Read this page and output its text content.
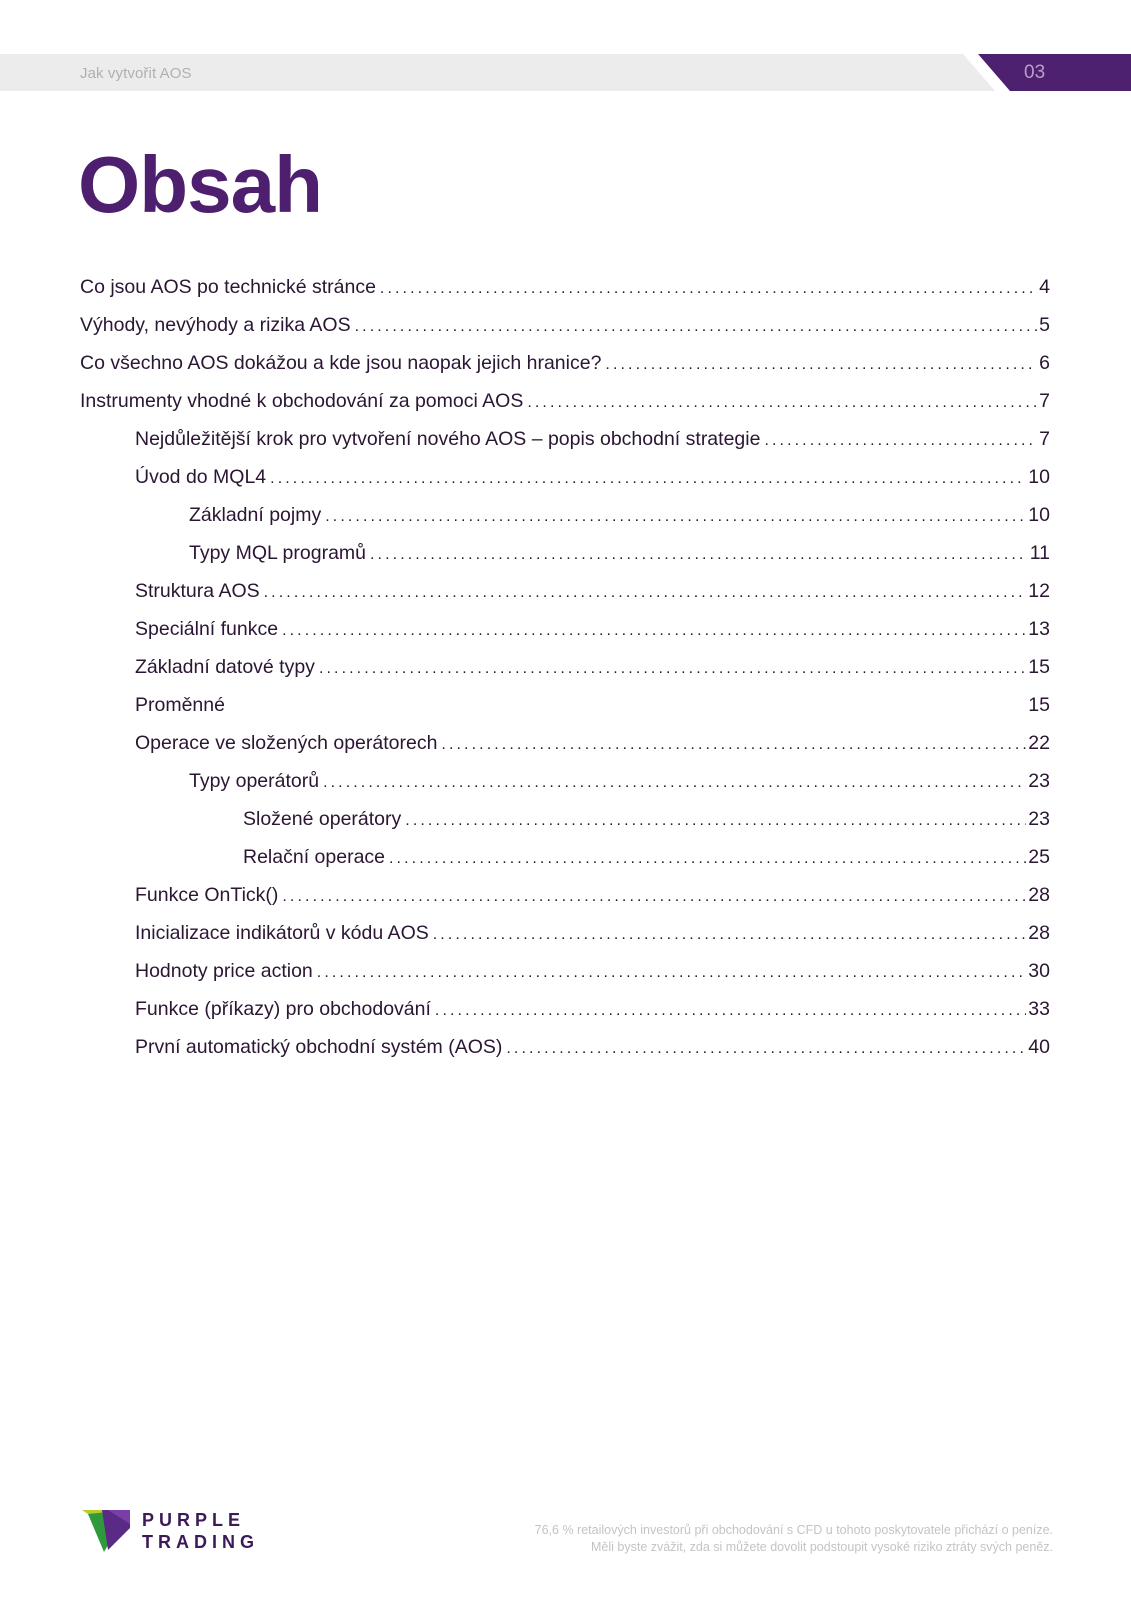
Jak vytvořit AOS	03
Obsah
Co jsou AOS po technické stránce .....	4
Výhody, nevýhody a rizika AOS .....	5
Co všechno AOS dokážou a kde jsou naopak jejich hranice? .....	6
Instrumenty vhodné k obchodování za pomoci AOS .....	7
Nejdůležitější krok pro vytvoření nového AOS – popis obchodní strategie .....	7
Úvod do MQL4 .....	10
Základní pojmy .....	10
Typy MQL programů .....	11
Struktura AOS .....	12
Speciální funkce .....	13
Základní datové typy .....	15
Proměnné	15
Operace ve složených operátorech .....	22
Typy operátorů .....	23
Složené operátory .....	23
Relační operace .....	25
Funkce OnTick() .....	28
Inicializace indikátorů v kódu AOS .....	28
Hodnoty price action .....	30
Funkce (příkazy) pro obchodování .....	33
První automatický obchodní systém (AOS) .....	40
PURPLE
TRADING
76,6 % retailových investorů při obchodování s CFD u tohoto poskytovatele přichází o peníze.
Měli byste zvážit, zda si můžete dovolit podstoupit vysoké riziko ztráty svých peněz.
